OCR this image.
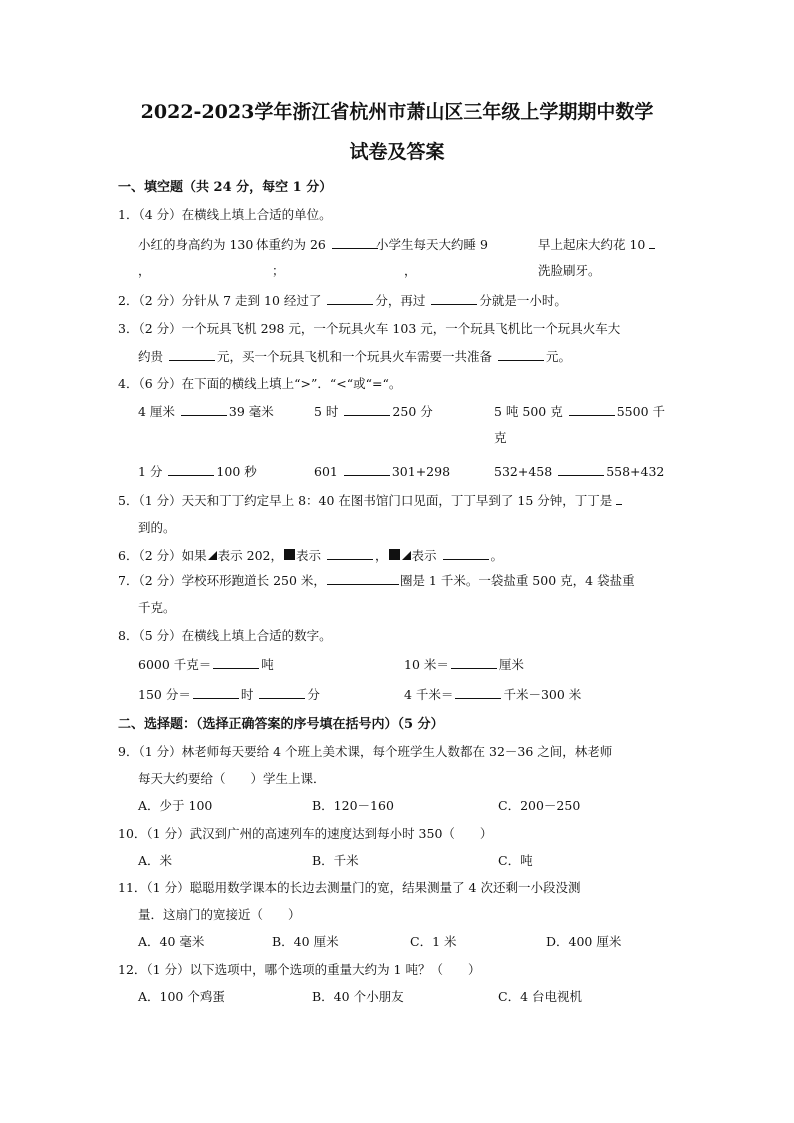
2022-2023学年浙江省杭州市萧山区三年级上学期期中数学
试卷及答案
一、填空题（共 24 分，每空 1 分）
1．（4 分）在横线上填上合适的单位。
小红的身高约为 130
，
体重约为 26
；
小学生每天大约睡 9
，
早上起床大约花 10
洗脸刷牙。
2．（2 分）分针从 7 走到 10 经过了	分，再过	分就是一小时。
3．（2 分）一个玩具飞机 298 元，一个玩具火车 103 元，一个玩具飞机比一个玩具火车大
约贵	元，买一个玩具飞机和一个玩具火车需要一共准备	元。
4．（6 分）在下面的横线上填上“>”．“<“或“=“。
4 厘米	39 毫米	5 时	250 分	5 吨 500 克	5500 千
克
1 分	100 秒	601	301+298	532+458	558+432
5．（1 分）天天和丁丁约定早上 8：40 在图书馆门口见面，丁丁早到了 15 分钟，丁丁是
到的。
6．（2 分）如果 表示 202， 表示	， 表示	。
7．（2 分）学校环形跑道长 250 米，	圈是 1 千米。一袋盐重 500 克，4 袋盐重
千克。
8．（5 分）在横线上填上合适的数字。
6000 千克＝	吨	10 米＝	厘米
150 分＝	时	分	4 千米＝	千米－300 米
二、选择题：（选择正确答案的序号填在括号内）（5 分）
9．（1 分）林老师每天要给 4 个班上美术课，每个班学生人数都在 32－36 之间，林老师
每天大约要给（　　）学生上课．
A．少于 100	B．120－160	C．200－250
10．（1 分）武汉到广州的高速列车的速度达到每小时 350（　　）
A．米	B．千米	C．吨
11．（1 分）聪聪用数学课本的长边去测量门的宽，结果测量了 4 次还剩一小段没测
量．这扇门的宽接近（　　）
A．40 毫米	B．40 厘米	C．1 米	D．400 厘米
12．（1 分）以下选项中，哪个选项的重量大约为 1 吨？（　　）
A．100 个鸡蛋	B．40 个小朋友	C．4 台电视机
